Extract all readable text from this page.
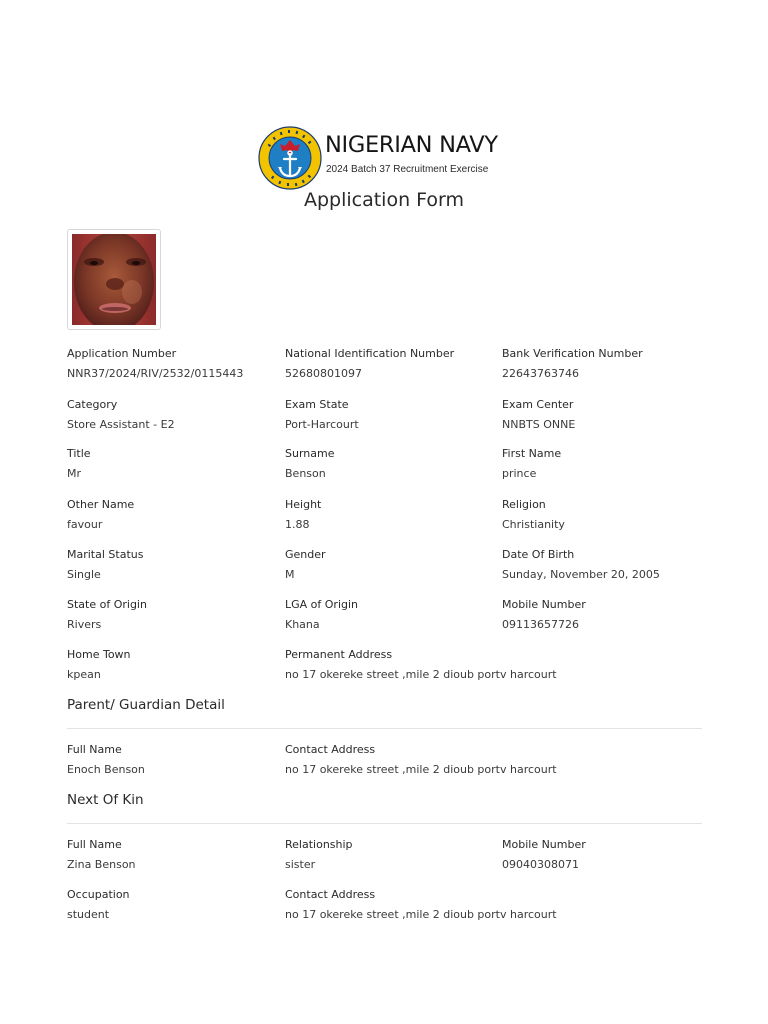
NIGERIAN NAVY
2024 Batch 37 Recruitment Exercise
Application Form
Application Number
NNR37/2024/RIV/2532/0115443
National Identification Number
52680801097
Bank Verification Number
22643763746
Category
Store Assistant - E2
Exam State
Port-Harcourt
Exam Center
NNBTS ONNE
Title
Mr
Surname
Benson
First Name
prince
Other Name
favour
Height
1.88
Religion
Christianity
Marital Status
Single
Gender
M
Date Of Birth
Sunday, November 20, 2005
State of Origin
Rivers
LGA of Origin
Khana
Mobile Number
09113657726
Home Town
kpean
Permanent Address
no 17 okereke street ,mile 2 dioub portv harcourt
Parent/ Guardian Detail
Full Name
Enoch Benson
Contact Address
no 17 okereke street ,mile 2 dioub portv harcourt
Next Of Kin
Full Name
Zina Benson
Relationship
sister
Mobile Number
09040308071
Occupation
student
Contact Address
no 17 okereke street ,mile 2 dioub portv harcourt
